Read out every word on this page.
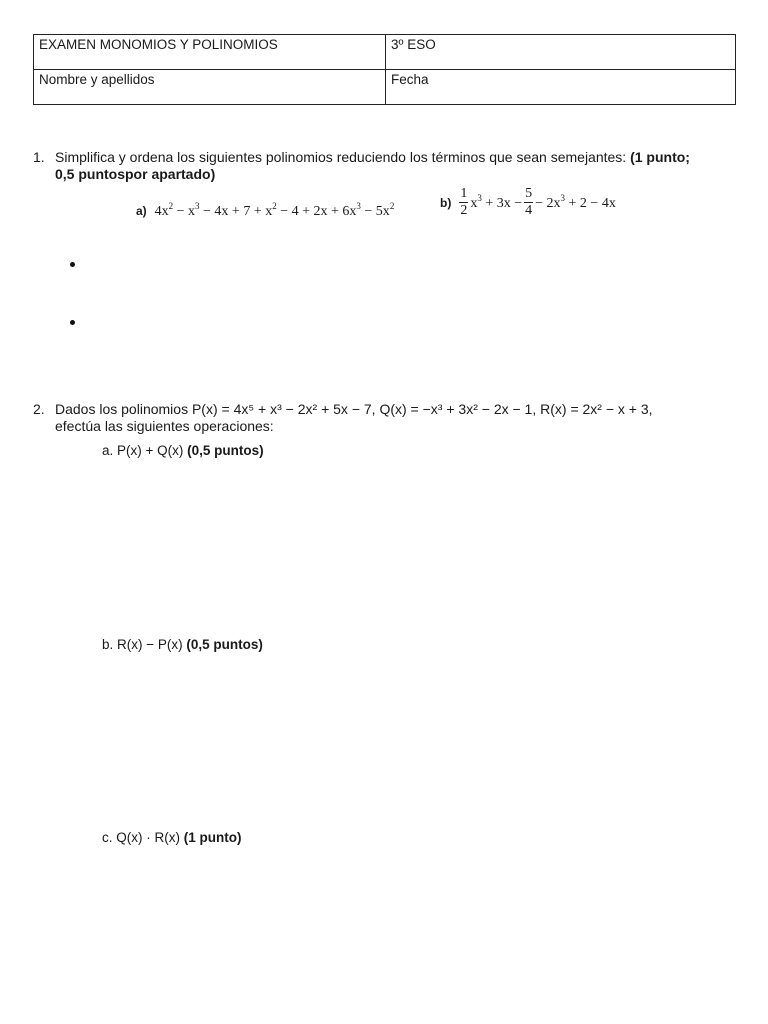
EXAMEN MONOMIOS Y POLINOMIOS	3º ESO
Nombre y apellidos	Fecha
1. Simplifica y ordena los siguientes polinomios reduciendo los términos que sean semejantes: (1 punto;
0,5 puntospor apartado)
a)  $4x^2 - x^3 - 4x + 7 + x^2 - 4 + 2x + 6x^3 - 5x^2$	$b) \frac{1}{2} x^3 + 3x - \frac{5}{4} - 2x^3 + 2 - 4x$
2. Dados los polinomios P(x) = 4x⁵ + x³ − 2x² + 5x − 7, Q(x) = −x³ + 3x² − 2x − 1, R(x) = 2x² − x + 3,
efectúa las siguientes operaciones:
a. P(x) + Q(x) (0,5 puntos)
b. R(x) − P(x) (0,5 puntos)
c. Q(x) · R(x) (1 punto)
